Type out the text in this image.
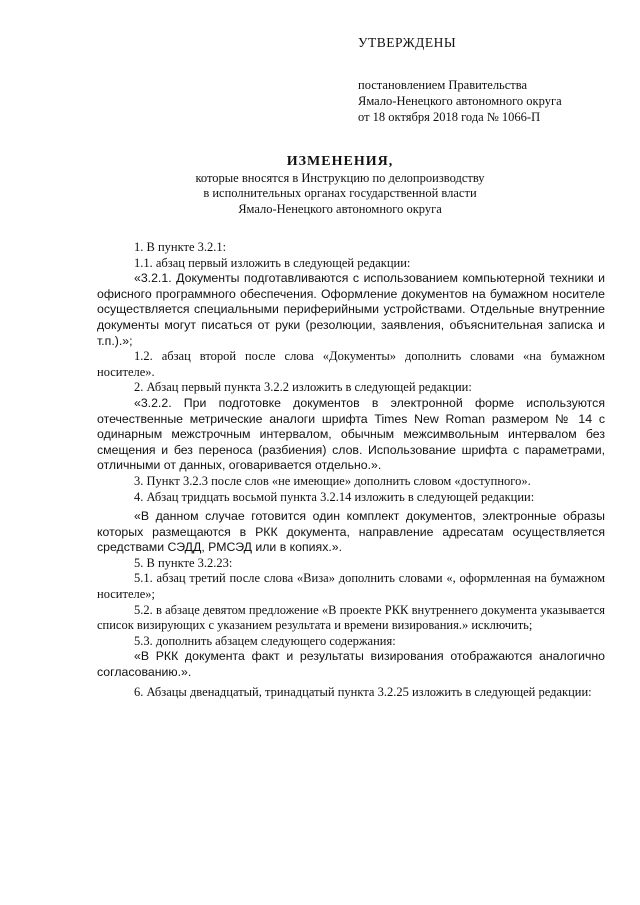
УТВЕРЖДЕНЫ
постановлением Правительства
Ямало-Ненецкого автономного округа
от 18 октября 2018 года № 1066-П
ИЗМЕНЕНИЯ,
которые вносятся в Инструкцию по делопроизводству
в исполнительных органах государственной власти
Ямало-Ненецкого автономного округа

1. В пункте 3.2.1:

1.1. абзац первый изложить в следующей редакции:

«3.2.1. Документы подготавливаются с использованием компьютерной техники и офисного программного обеспечения. Оформление документов на бумажном носителе осуществляется специальными периферийными устройствами. Отдельные внутренние документы могут писаться от руки (резолюции, заявления, объяснительная записка и т.п.).»;

1.2. абзац второй после слова «Документы» дополнить словами «на бумажном носителе».

2. Абзац первый пункта 3.2.2 изложить в следующей редакции:

«3.2.2. При подготовке документов в электронной форме используются отечественные метрические аналоги шрифта Times New Roman размером № 14 с одинарным межстрочным интервалом, обычным межсимвольным интервалом без смещения и без переноса (разбиения) слов. Использование шрифта с параметрами, отличными от данных, оговаривается отдельно.».

3. Пункт 3.2.3 после слов «не имеющие» дополнить словом «доступного».

4. Абзац тридцать восьмой пункта 3.2.14 изложить в следующей редакции:

«В данном случае готовится один комплект документов, электронные образы которых размещаются в РКК документа, направление адресатам осуществляется средствами СЭДД, РМСЭД или в копиях.».

5. В пункте 3.2.23:

5.1. абзац третий после слова «Виза» дополнить словами «, оформленная на бумажном носителе»;

5.2. в абзаце девятом предложение «В проекте РКК внутреннего документа указывается список визирующих с указанием результата и времени визирования.» исключить;

5.3. дополнить абзацем следующего содержания:

«В РКК документа факт и результаты визирования отображаются аналогично согласованию.».

6. Абзацы двенадцатый, тринадцатый пункта 3.2.25 изложить в следующей редакции:
